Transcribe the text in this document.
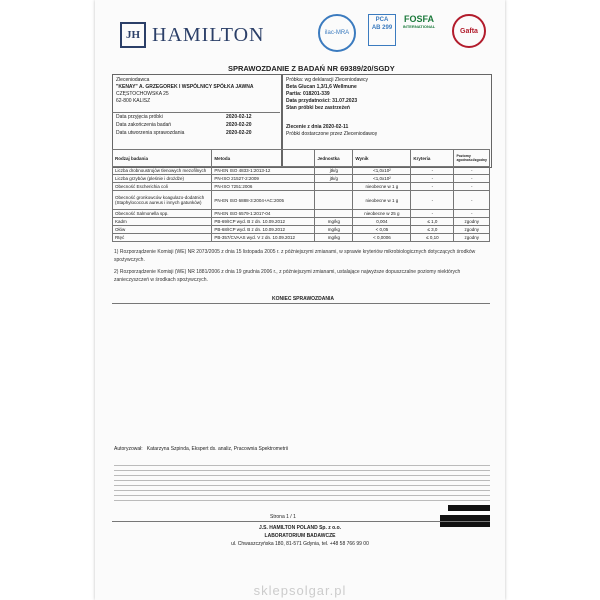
JH HAMILTON	ilac-MRA
PCA
AB 299
FOSFA
INTERNATIONAL
Gafta
SPRAWOZDANIE Z BADAŃ NR 69389/20/SGDY
Zleceniodawca
"KENAY" A. GRZEGOREK I WSPÓLNICY SPÓŁKA JAWNA
CZĘSTOCHOWSKA 25
62-800 KALISZ
Data przyjęcia próbki	2020-02-12
Data zakończenia badań	2020-02-20
Data utworzenia sprawozdania	2020-02-20
Próbka: wg deklaracji Zleceniodawcy
Beta Glucan 1,3/1,6 Wellmune
Partia: 018201-339
Data przydatności: 31.07.2023
Stan próbki bez zastrzeżeń
Zlecenie z dnia 2020-02-11
Próbki dostarczone przez Zleceniodawcę
Rodzaj badania	Metoda	Jednostka	Wynik	Kryteria	Poziomy zgodności/zgodny
Liczba drobnoustrojów tlenowych mezofilnych	PN-EN ISO 4833-1:2013-12	jtk/g	<1,0x10²	-	-
Liczba grzybów (pleśnie i drożdże)	PN-ISO 21527-2:2009	jtk/g	<1,0x10²	-	-
Obecność Escherichia coli	PN-ISO 7251:2006		nieobecne w 1 g	-	-
Obecność gronkowców koagulazo-dodatnich (Staphylococcus aureus i innych gatunków)	PN-EN ISO 6888-3:2004+AC:2005		nieobecne w 1 g	-	-
Obecność Salmonella spp.	PN-EN ISO 6579-1:2017-04		nieobecne w 25 g	-	-
Kadm	PB-69/ICP wyd. B z dn. 10.09.2012	mg/kg	0,004	≤ 1,0	zgodny
Ołów	PB-68/ICP wyd. B z dn. 10.09.2012	mg/kg	< 0,05	≤ 3,0	zgodny
Rtęć	PB-357/CVAAS wyd. V z dn. 10.09.2012	mg/kg	< 0,0006	≤ 0,10	zgodny
1) Rozporządzenie Komisji (WE) NR 2073/2005 z dnia 15 listopada 2005 r. z późniejszymi zmianami, w sprawie kryteriów mikrobiologicznych dotyczących środków spożywczych.
2) Rozporządzenie Komisji (WE) NR 1881/2006 z dnia 19 grudnia 2006 r., z późniejszymi zmianami, ustalające najwyższe dopuszczalne poziomy niektórych zanieczyszczeń w środkach spożywczych.
KONIEC SPRAWOZDANIA

Autoryzował:   Katarzyna Szpinda, Ekspert ds. analiz, Pracownia Spektrometrii

Strona 1 / 1
J.S. HAMILTON POLAND Sp. z o.o.
LABORATORIUM BADAWCZE
ul. Chwaszczyńska 180, 81-571 Gdynia, tel. +48 58 766 99 00
sklepsolgar.pl
